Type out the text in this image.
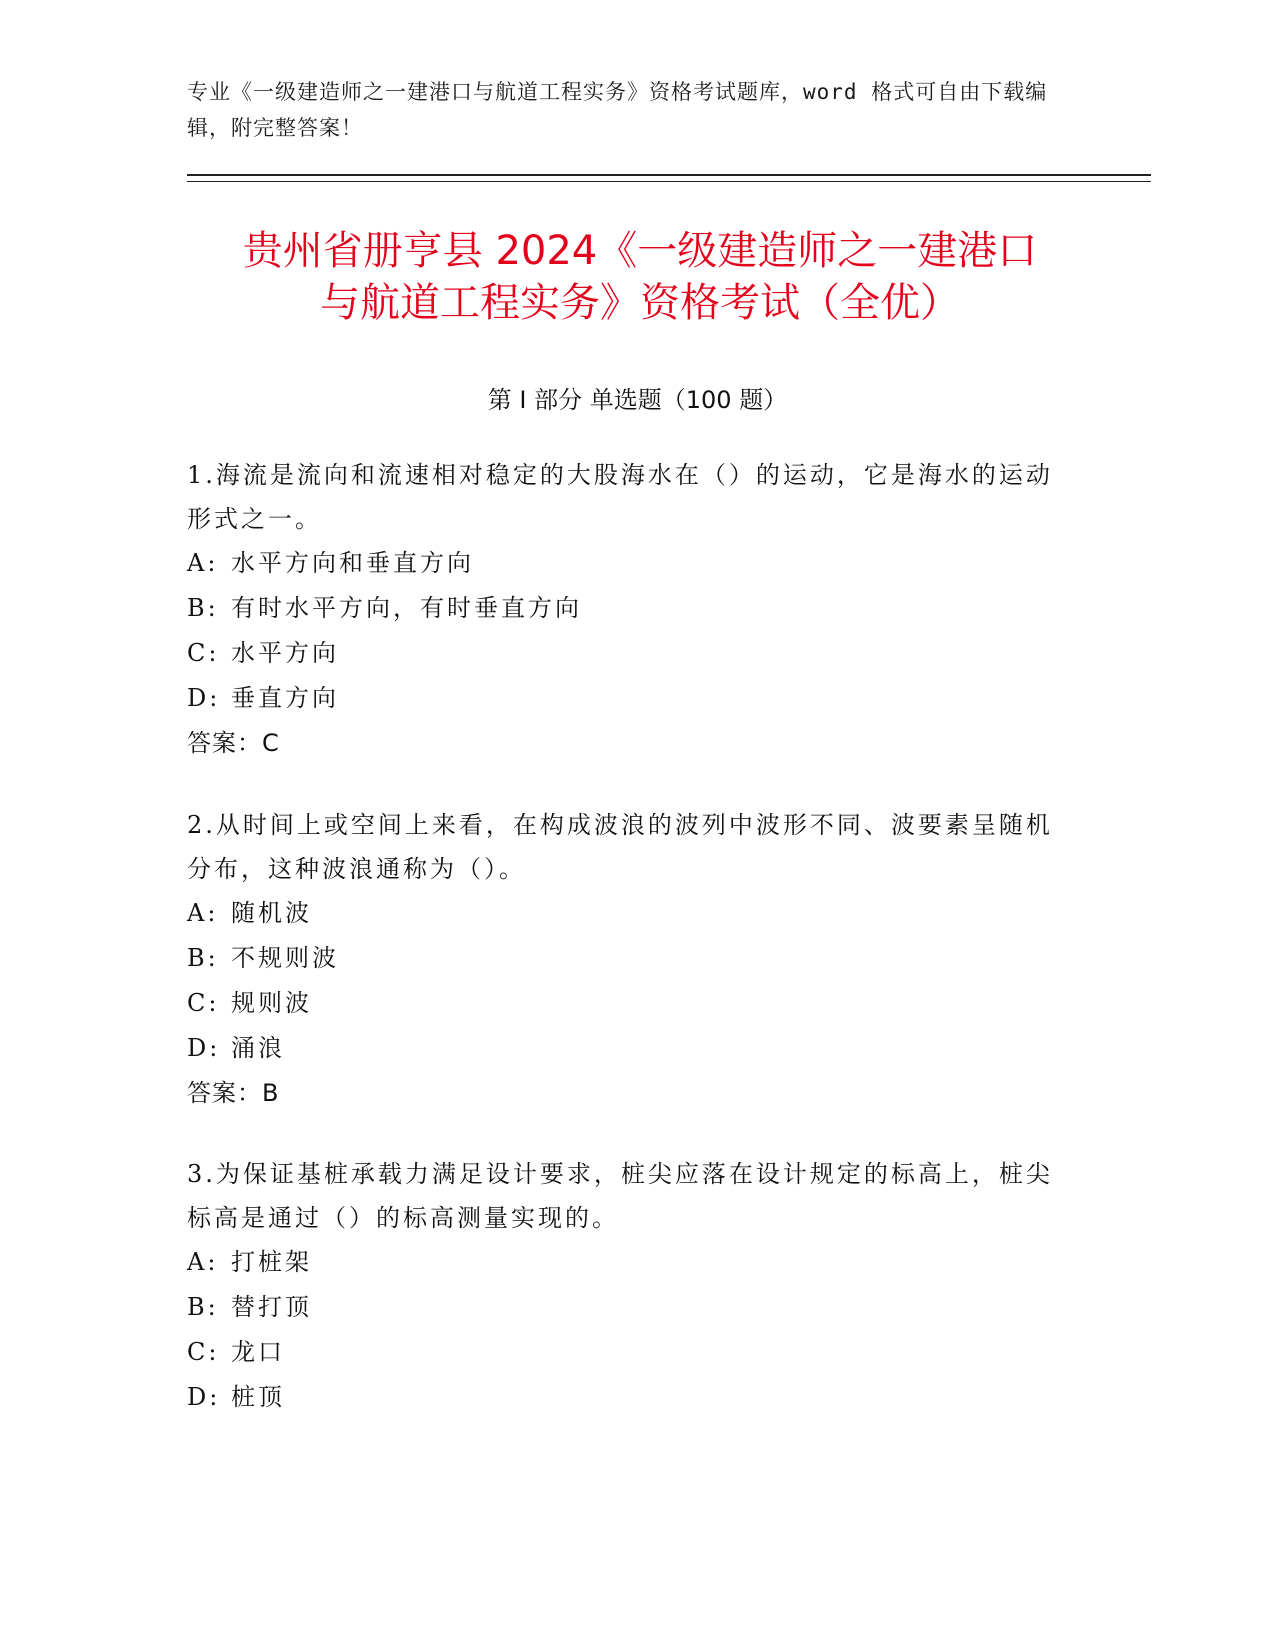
专业《一级建造师之一建港口与航道工程实务》资格考试题库，word 格式可自由下载编辑，附完整答案！
贵州省册亨县 2024《一级建造师之一建港口
与航道工程实务》资格考试（全优）
第 I 部分 单选题（100 题）
1.海流是流向和流速相对稳定的大股海水在（）的运动，它是海水的运动形式之一。
A: 水平方向和垂直方向
B: 有时水平方向，有时垂直方向
C: 水平方向
D: 垂直方向
答案：C
2.从时间上或空间上来看，在构成波浪的波列中波形不同、波要素呈随机分布，这种波浪通称为（）。
A: 随机波
B: 不规则波
C: 规则波
D: 涌浪
答案：B
3.为保证基桩承载力满足设计要求，桩尖应落在设计规定的标高上，桩尖标高是通过（）的标高测量实现的。
A: 打桩架
B: 替打顶
C: 龙口
D: 桩顶
